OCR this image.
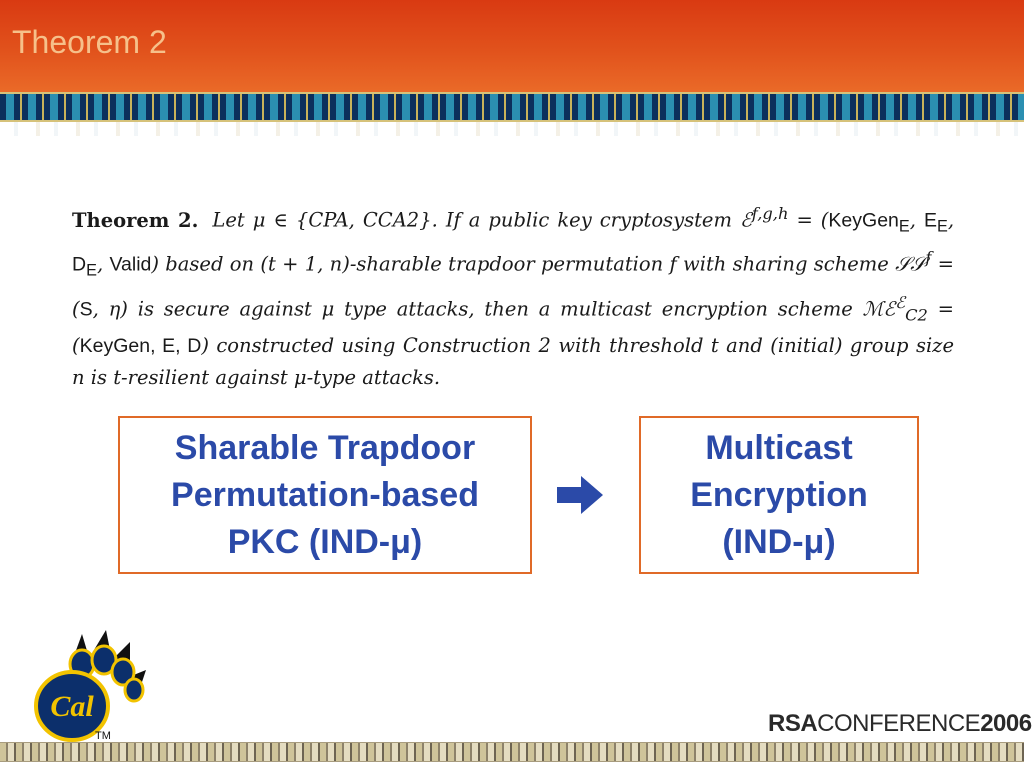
Theorem 2
Theorem 2. Let μ ∈ {CPA, CCA2}. If a public key cryptosystem ℰ$^{f,g,h}$ = (KeyGen$_E$, $E_E$, $D_E$, Valid) based on (t + 1, n)-sharable trapdoor permutation f with sharing scheme 𝒮𝒮$^f$ = (S, η) is secure against μ type attacks, then a multicast encryption scheme ℳℰ$^ℰ_{C2}$ = (KeyGen, E, D) constructed using Construction 2 with threshold t and (initial) group size n is t-resilient against μ-type attacks.
Sharable Trapdoor
Permutation-based
PKC (IND-μ)
Multicast
Encryption
(IND-μ)
Cal
TM	RSACONFERENCE2006
